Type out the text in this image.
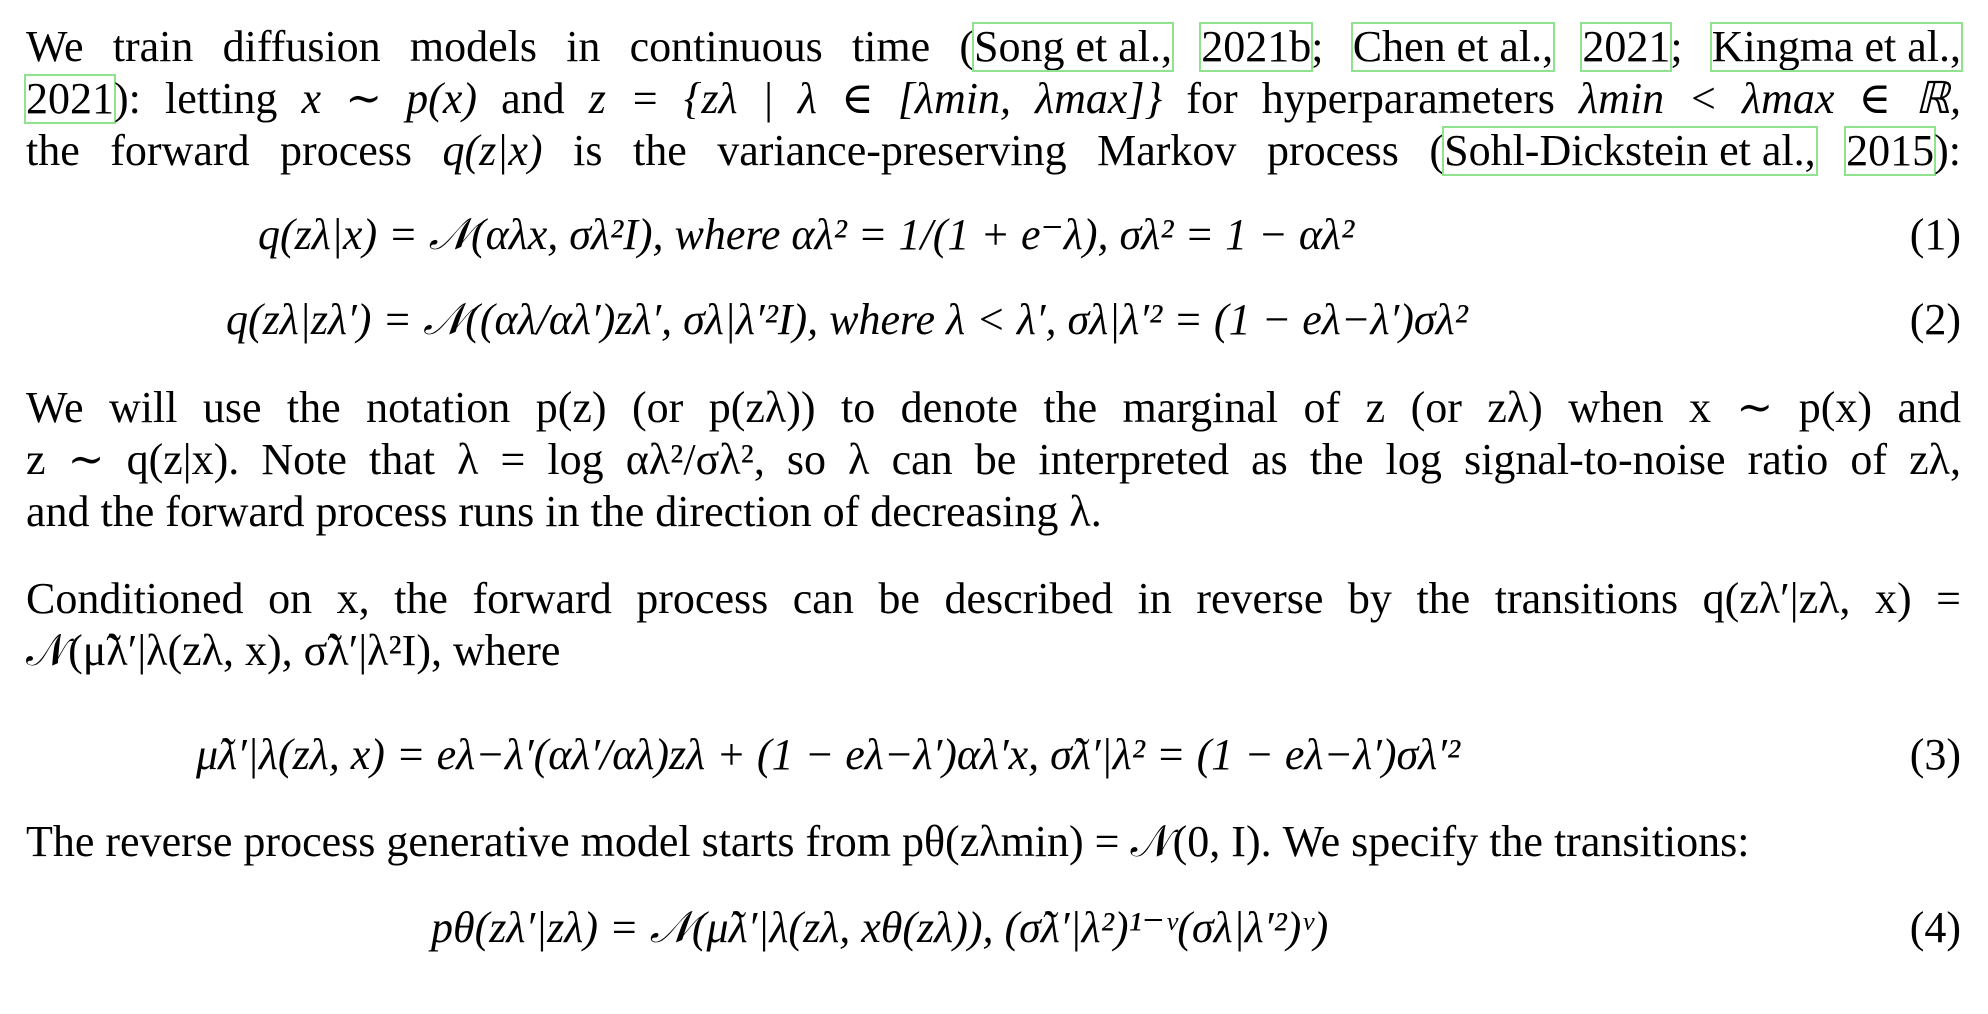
We train diffusion models in continuous time (Song et al., 2021b; Chen et al., 2021; Kingma et al.,
2021): letting x ∼ p(x) and z = {zλ | λ ∈ [λmin, λmax]} for hyperparameters λmin < λmax ∈ ℝ,
the forward process q(z|x) is the variance-preserving Markov process (Sohl-Dickstein et al., 2015):
q(zλ|x) = 𝒩(αλx, σλ²I), where αλ² = 1/(1 + e⁻λ), σλ² = 1 − αλ²	(1)
q(zλ|zλ′) = 𝒩((αλ/αλ′)zλ′, σλ|λ′²I), where λ < λ′, σλ|λ′² = (1 − eλ−λ′)σλ²	(2)
We will use the notation p(z) (or p(zλ)) to denote the marginal of z (or zλ) when x ∼ p(x) and
z ∼ q(z|x). Note that λ = log αλ²/σλ², so λ can be interpreted as the log signal-to-noise ratio of zλ,
and the forward process runs in the direction of decreasing λ.
Conditioned on x, the forward process can be described in reverse by the transitions q(zλ′|zλ, x) =
𝒩(μ̃λ′|λ(zλ, x), σ̃λ′|λ²I), where
μ̃λ′|λ(zλ, x) = eλ−λ′(αλ′/αλ)zλ + (1 − eλ−λ′)αλ′x, σ̃λ′|λ² = (1 − eλ−λ′)σλ′²	(3)
The reverse process generative model starts from pθ(zλmin) = 𝒩(0, I). We specify the transitions:
pθ(zλ′|zλ) = 𝒩(μ̃λ′|λ(zλ, xθ(zλ)), (σ̃λ′|λ²)¹⁻ᵛ(σλ|λ′²)ᵛ)	(4)
